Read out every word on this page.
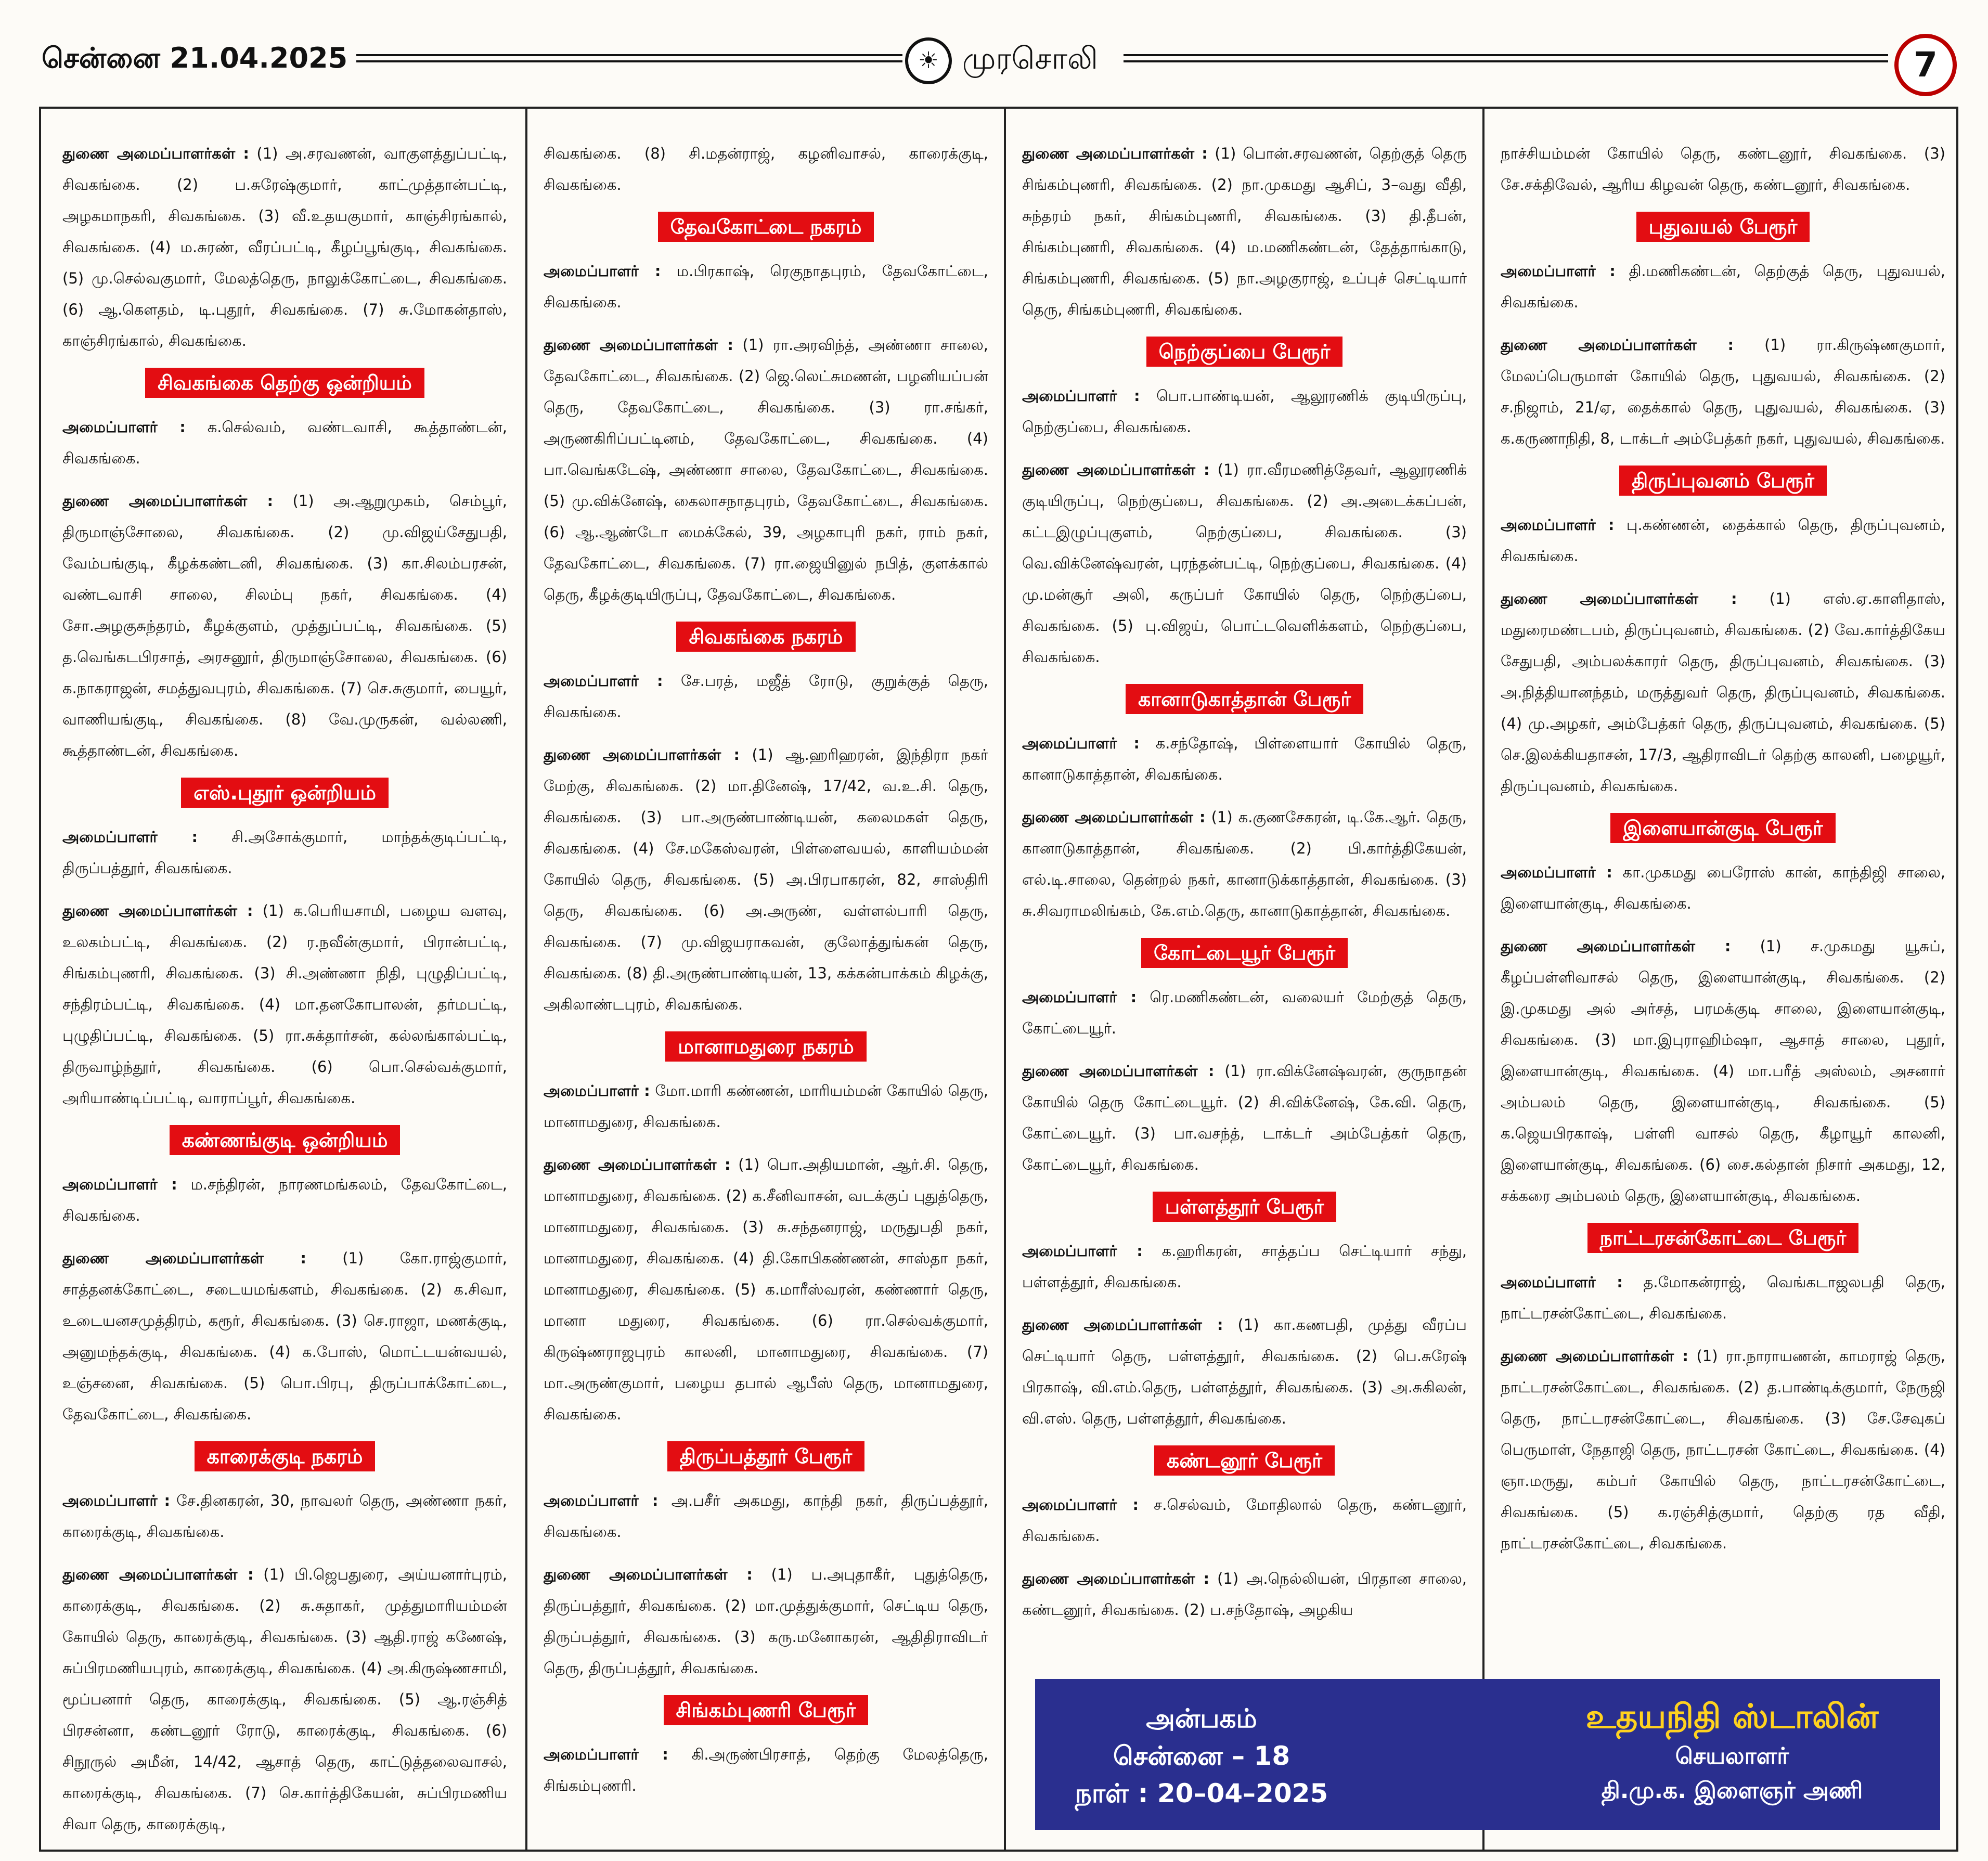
சென்னை 21.04.2025	☀ முரசொலி	7

துணை அமைப்பாளர்கள் : (1) அ.சரவணன், வாகுளத்துப்பட்டி, சிவகங்கை. (2) ப.சுரேஷ்குமார், காட்முத்தான்பட்டி, அழகமாநகரி, சிவகங்கை. (3) வீ.உதயகுமார், காஞ்சிரங்கால், சிவகங்கை. (4) ம.சுரண், வீரப்பட்டி, கீழப்பூங்குடி, சிவகங்கை. (5) மு.செல்வகுமார், மேலத்தெரு, நாலுக்கோட்டை, சிவகங்கை. (6) ஆ.கௌதம், டி.புதூர், சிவகங்கை. (7) சு.மோகன்தாஸ், காஞ்சிரங்கால், சிவகங்கை.

சிவகங்கை தெற்கு ஒன்றியம்

அமைப்பாளர் : க.செல்வம், வண்டவாசி, கூத்தாண்டன், சிவகங்கை.

துணை அமைப்பாளர்கள் : (1) அ.ஆறுமுகம், செம்பூர், திருமாஞ்சோலை, சிவகங்கை. (2) மு.விஜய்சேதுபதி, வேம்பங்குடி, கீழக்கண்டனி, சிவகங்கை. (3) கா.சிலம்பரசன், வண்டவாசி சாலை, சிலம்பு நகர், சிவகங்கை. (4) சோ.அழகுசுந்தரம், கீழக்குளம், முத்துப்பட்டி, சிவகங்கை. (5) த.வெங்கடபிரசாத், அரசனூர், திருமாஞ்சோலை, சிவகங்கை. (6) க.நாகராஜன், சமத்துவபுரம், சிவகங்கை. (7) செ.சுகுமார், பையூர், வாணியங்குடி, சிவகங்கை. (8) வே.முருகன், வல்லணி, கூத்தாண்டன், சிவகங்கை.

எஸ்.புதூர் ஒன்றியம்

அமைப்பாளர் : சி.அசோக்குமார், மாந்தக்குடிப்பட்டி, திருப்பத்தூர், சிவகங்கை.

துணை அமைப்பாளர்கள் : (1) க.பெரியசாமி, பழைய வளவு, உலகம்பட்டி, சிவகங்கை. (2) ர.நவீன்குமார், பிரான்பட்டி, சிங்கம்புணரி, சிவகங்கை. (3) சி.அண்ணா நிதி, புழுதிப்பட்டி, சந்திரம்பட்டி, சிவகங்கை. (4) மா.தனகோபாலன், தர்மபட்டி, புழுதிப்பட்டி, சிவகங்கை. (5) ரா.சுக்தார்சன், கல்லங்கால்பட்டி, திருவாழ்ந்தூர், சிவகங்கை. (6) பொ.செல்வக்குமார், அரியாண்டிப்பட்டி, வாராப்பூர், சிவகங்கை.

கண்ணங்குடி ஒன்றியம்

அமைப்பாளர் : ம.சந்திரன், நாரணமங்கலம், தேவகோட்டை, சிவகங்கை.

துணை அமைப்பாளர்கள் : (1) கோ.ராஜ்குமார், சாத்தனக்கோட்டை, சடையமங்களம், சிவகங்கை. (2) க.சிவா, உடையனசமுத்திரம், கரூர், சிவகங்கை. (3) செ.ராஜா, மணக்குடி, அனுமந்தக்குடி, சிவகங்கை. (4) க.போஸ், மொட்டயன்வயல், உஞ்சனை, சிவகங்கை. (5) பொ.பிரபு, திருப்பாக்கோட்டை, தேவகோட்டை, சிவகங்கை.

காரைக்குடி நகரம்

அமைப்பாளர் : சே.தினகரன், 30, நாவலர் தெரு, அண்ணா நகர், காரைக்குடி, சிவகங்கை.

துணை அமைப்பாளர்கள் : (1) பி.ஜெபதுரை, அய்யனார்புரம், காரைக்குடி, சிவகங்கை. (2) சு.சுதாகர், முத்துமாரியம்மன் கோயில் தெரு, காரைக்குடி, சிவகங்கை. (3) ஆதி.ராஜ் கணேஷ், சுப்பிரமணியபுரம், காரைக்குடி, சிவகங்கை. (4) அ.கிருஷ்ணசாமி, மூப்பனார் தெரு, காரைக்குடி, சிவகங்கை. (5) ஆ.ரஞ்சித் பிரசன்னா, கண்டனூர் ரோடு, காரைக்குடி, சிவகங்கை. (6) சிநூருல் அமீன், 14/42, ஆசாத் தெரு, காட்டுத்தலைவாசல், காரைக்குடி, சிவகங்கை. (7) செ.கார்த்திகேயன், சுப்பிரமணிய சிவா தெரு, காரைக்குடி,

சிவகங்கை. (8) சி.மதன்ராஜ், கழனிவாசல், காரைக்குடி, சிவகங்கை.

தேவகோட்டை நகரம்

அமைப்பாளர் : ம.பிரகாஷ், ரெகுநாதபுரம், தேவகோட்டை, சிவகங்கை.

துணை அமைப்பாளர்கள் : (1) ரா.அரவிந்த், அண்ணா சாலை, தேவகோட்டை, சிவகங்கை. (2) ஜெ.லெட்சுமணன், பழனியப்பன் தெரு, தேவகோட்டை, சிவகங்கை. (3) ரா.சங்கர், அருணகிரிப்பட்டினம், தேவகோட்டை, சிவகங்கை. (4) பா.வெங்கடேஷ், அண்ணா சாலை, தேவகோட்டை, சிவகங்கை. (5) மு.விக்னேஷ், கைலாசநாதபுரம், தேவகோட்டை, சிவகங்கை. (6) ஆ.ஆண்டோ மைக்கேல், 39, அழகாபுரி நகர், ராம் நகர், தேவகோட்டை, சிவகங்கை. (7) ரா.ஜையினுல் நபித், குளக்கால் தெரு, கீழக்குடியிருப்பு, தேவகோட்டை, சிவகங்கை.

சிவகங்கை நகரம்

அமைப்பாளர் : சே.பரத், மஜீத் ரோடு, குறுக்குத் தெரு, சிவகங்கை.

துணை அமைப்பாளர்கள் : (1) ஆ.ஹரிஹரன், இந்திரா நகர் மேற்கு, சிவகங்கை. (2) மா.தினேஷ், 17/42, வ.உ.சி. தெரு, சிவகங்கை. (3) பா.அருண்பாண்டியன், கலைமகள் தெரு, சிவகங்கை. (4) சே.மகேஸ்வரன், பிள்ளைவயல், காளியம்மன் கோயில் தெரு, சிவகங்கை. (5) அ.பிரபாகரன், 82, சாஸ்திரி தெரு, சிவகங்கை. (6) அ.அருண், வள்ளல்பாரி தெரு, சிவகங்கை. (7) மு.விஜயராகவன், குலோத்துங்கன் தெரு, சிவகங்கை. (8) தி.அருண்பாண்டியன், 13, கக்கன்பாக்கம் கிழக்கு, அகிலாண்டபுரம், சிவகங்கை.

மானாமதுரை நகரம்

அமைப்பாளர் : மோ.மாரி கண்ணன், மாரியம்மன் கோயில் தெரு, மானாமதுரை, சிவகங்கை.

துணை அமைப்பாளர்கள் : (1) பொ.அதியமான், ஆர்.சி. தெரு, மானாமதுரை, சிவகங்கை. (2) க.சீனிவாசன், வடக்குப் புதுத்தெரு, மானாமதுரை, சிவகங்கை. (3) சு.சந்தனராஜ், மருதுபதி நகர், மானாமதுரை, சிவகங்கை. (4) தி.கோபிகண்ணன், சாஸ்தா நகர், மானாமதுரை, சிவகங்கை. (5) க.மாரீஸ்வரன், கண்ணார் தெரு, மானா மதுரை, சிவகங்கை. (6) ரா.செல்வக்குமார், கிருஷ்ணராஜபுரம் காலனி, மானாமதுரை, சிவகங்கை. (7) மா.அருண்குமார், பழைய தபால் ஆபீஸ் தெரு, மானாமதுரை, சிவகங்கை.

திருப்பத்தூர் பேரூர்

அமைப்பாளர் : அ.பசீர் அகமது, காந்தி நகர், திருப்பத்தூர், சிவகங்கை.

துணை அமைப்பாளர்கள் : (1) ப.அபுதாகீர், புதுத்தெரு, திருப்பத்தூர், சிவகங்கை. (2) மா.முத்துக்குமார், செட்டிய தெரு, திருப்பத்தூர், சிவகங்கை. (3) கரு.மனோகரன், ஆதிதிராவிடர் தெரு, திருப்பத்தூர், சிவகங்கை.

சிங்கம்புணரி பேரூர்

அமைப்பாளர் : கி.அருண்பிரசாத், தெற்கு மேலத்தெரு, சிங்கம்புணரி.

துணை அமைப்பாளர்கள் : (1) பொன்.சரவணன், தெற்குத் தெரு சிங்கம்புணரி, சிவகங்கை. (2) நா.முகமது ஆசிப், 3–வது வீதி, சுந்தரம் நகர், சிங்கம்புணரி, சிவகங்கை. (3) தி.தீபன், சிங்கம்புணரி, சிவகங்கை. (4) ம.மணிகண்டன், தேத்தாங்காடு, சிங்கம்புணரி, சிவகங்கை. (5) நா.அழகுராஜ், உப்புச் செட்டியார் தெரு, சிங்கம்புணரி, சிவகங்கை.

நெற்குப்பை பேரூர்

அமைப்பாளர் : பொ.பாண்டியன், ஆலூரணிக் குடியிருப்பு, நெற்குப்பை, சிவகங்கை.

துணை அமைப்பாளர்கள் : (1) ரா.வீரமணித்தேவர், ஆலூரணிக் குடியிருப்பு, நெற்குப்பை, சிவகங்கை. (2) அ.அடைக்கப்பன், கட்டஇழுப்புகுளம், நெற்குப்பை, சிவகங்கை. (3) வெ.விக்னேஷ்வரன், புரந்தன்பட்டி, நெற்குப்பை, சிவகங்கை. (4) மு.மன்சூர் அலி, கருப்பர் கோயில் தெரு, நெற்குப்பை, சிவகங்கை. (5) பு.விஜய், பொட்டவெளிக்களம், நெற்குப்பை, சிவகங்கை.

கானாடுகாத்தான் பேரூர்

அமைப்பாளர் : க.சந்தோஷ், பிள்ளையார் கோயில் தெரு, கானாடுகாத்தான், சிவகங்கை.

துணை அமைப்பாளர்கள் : (1) க.குணசேகரன், டி.கே.ஆர். தெரு, கானாடுகாத்தான், சிவகங்கை. (2) பி.கார்த்திகேயன், எல்.டி.சாலை, தென்றல் நகர், கானாடுக்காத்தான், சிவகங்கை. (3) சு.சிவராமலிங்கம், கே.எம்.தெரு, கானாடுகாத்தான், சிவகங்கை.

கோட்டையூர் பேரூர்

அமைப்பாளர் : ரெ.மணிகண்டன், வலையர் மேற்குத் தெரு, கோட்டையூர்.

துணை அமைப்பாளர்கள் : (1) ரா.விக்னேஷ்வரன், குருநாதன் கோயில் தெரு கோட்டையூர். (2) சி.விக்னேஷ், கே.வி. தெரு, கோட்டையூர். (3) பா.வசந்த், டாக்டர் அம்பேத்கர் தெரு, கோட்டையூர், சிவகங்கை.

பள்ளத்தூர் பேரூர்

அமைப்பாளர் : க.ஹரிகரன், சாத்தப்ப செட்டியார் சந்து, பள்ளத்தூர், சிவகங்கை.

துணை அமைப்பாளர்கள் : (1) கா.கணபதி, முத்து வீரப்ப செட்டியார் தெரு, பள்ளத்தூர், சிவகங்கை. (2) பெ.சுரேஷ் பிரகாஷ், வி.எம்.தெரு, பள்ளத்தூர், சிவகங்கை. (3) அ.சுகிலன், வி.எஸ். தெரு, பள்ளத்தூர், சிவகங்கை.

கண்டனூர் பேரூர்

அமைப்பாளர் : ச.செல்வம், மோதிலால் தெரு, கண்டனூர், சிவகங்கை.

துணை அமைப்பாளர்கள் : (1) அ.நெல்லியன், பிரதான சாலை, கண்டனூர், சிவகங்கை. (2) ப.சந்தோஷ், அழகிய

நாச்சியம்மன் கோயில் தெரு, கண்டனூர், சிவகங்கை. (3) சே.சக்திவேல், ஆரிய கிழவன் தெரு, கண்டனூர், சிவகங்கை.

புதுவயல் பேரூர்

அமைப்பாளர் : தி.மணிகண்டன், தெற்குத் தெரு, புதுவயல், சிவகங்கை.

துணை அமைப்பாளர்கள் : (1) ரா.கிருஷ்ணகுமார், மேலப்பெருமாள் கோயில் தெரு, புதுவயல், சிவகங்கை. (2) ச.நிஜாம், 21/ஏ, தைக்கால் தெரு, புதுவயல், சிவகங்கை. (3) க.கருணாநிதி, 8, டாக்டர் அம்பேத்கர் நகர், புதுவயல், சிவகங்கை.

திருப்புவனம் பேரூர்

அமைப்பாளர் : பு.கண்ணன், தைக்கால் தெரு, திருப்புவனம், சிவகங்கை.

துணை அமைப்பாளர்கள் : (1) எஸ்.ஏ.காளிதாஸ், மதுரைமண்டபம், திருப்புவனம், சிவகங்கை. (2) வே.கார்த்திகேய சேதுபதி, அம்பலக்காரர் தெரு, திருப்புவனம், சிவகங்கை. (3) அ.நித்தியானந்தம், மருத்துவர் தெரு, திருப்புவனம், சிவகங்கை. (4) மு.அழகர், அம்பேத்கர் தெரு, திருப்புவனம், சிவகங்கை. (5) செ.இலக்கியதாசன், 17/3, ஆதிராவிடர் தெற்கு காலனி, பழையூர், திருப்புவனம், சிவகங்கை.

இளையான்குடி பேரூர்

அமைப்பாளர் : கா.முகமது பைரோஸ் கான், காந்திஜி சாலை, இளையான்குடி, சிவகங்கை.

துணை அமைப்பாளர்கள் : (1) ச.முகமது யூசுப், கீழப்பள்ளிவாசல் தெரு, இளையான்குடி, சிவகங்கை. (2) இ.முகமது அல் அர்சத், பரமக்குடி சாலை, இளையான்குடி, சிவகங்கை. (3) மா.இபுராஹிம்ஷா, ஆசாத் சாலை, புதூர், இளையான்குடி, சிவகங்கை. (4) மா.பரீத் அஸ்லம், அசனார் அம்பலம் தெரு, இளையான்குடி, சிவகங்கை. (5) க.ஜெயபிரகாஷ், பள்ளி வாசல் தெரு, கீழாயூர் காலனி, இளையான்குடி, சிவகங்கை. (6) சை.கல்தான் நிசார் அகமது, 12, சக்கரை அம்பலம் தெரு, இளையான்குடி, சிவகங்கை.

நாட்டரசன்கோட்டை பேரூர்

அமைப்பாளர் : த.மோகன்ராஜ், வெங்கடாஜலபதி தெரு, நாட்டரசன்கோட்டை, சிவகங்கை.

துணை அமைப்பாளர்கள் : (1) ரா.நாராயணன், காமராஜ் தெரு, நாட்டரசன்கோட்டை, சிவகங்கை. (2) த.பாண்டிக்குமார், நேருஜி தெரு, நாட்டரசன்கோட்டை, சிவகங்கை. (3) சே.சேவுகப் பெருமாள், நேதாஜி தெரு, நாட்டரசன் கோட்டை, சிவகங்கை. (4) ஞா.மருது, கம்பர் கோயில் தெரு, நாட்டரசன்கோட்டை, சிவகங்கை. (5) க.ரஞ்சித்குமார், தெற்கு ரத வீதி, நாட்டரசன்கோட்டை, சிவகங்கை.

அன்பகம்
சென்னை – 18
நாள் : 20–04–2025
உதயநிதி ஸ்டாலின்
செயலாளர்
தி.மு.க. இளைஞர் அணி
